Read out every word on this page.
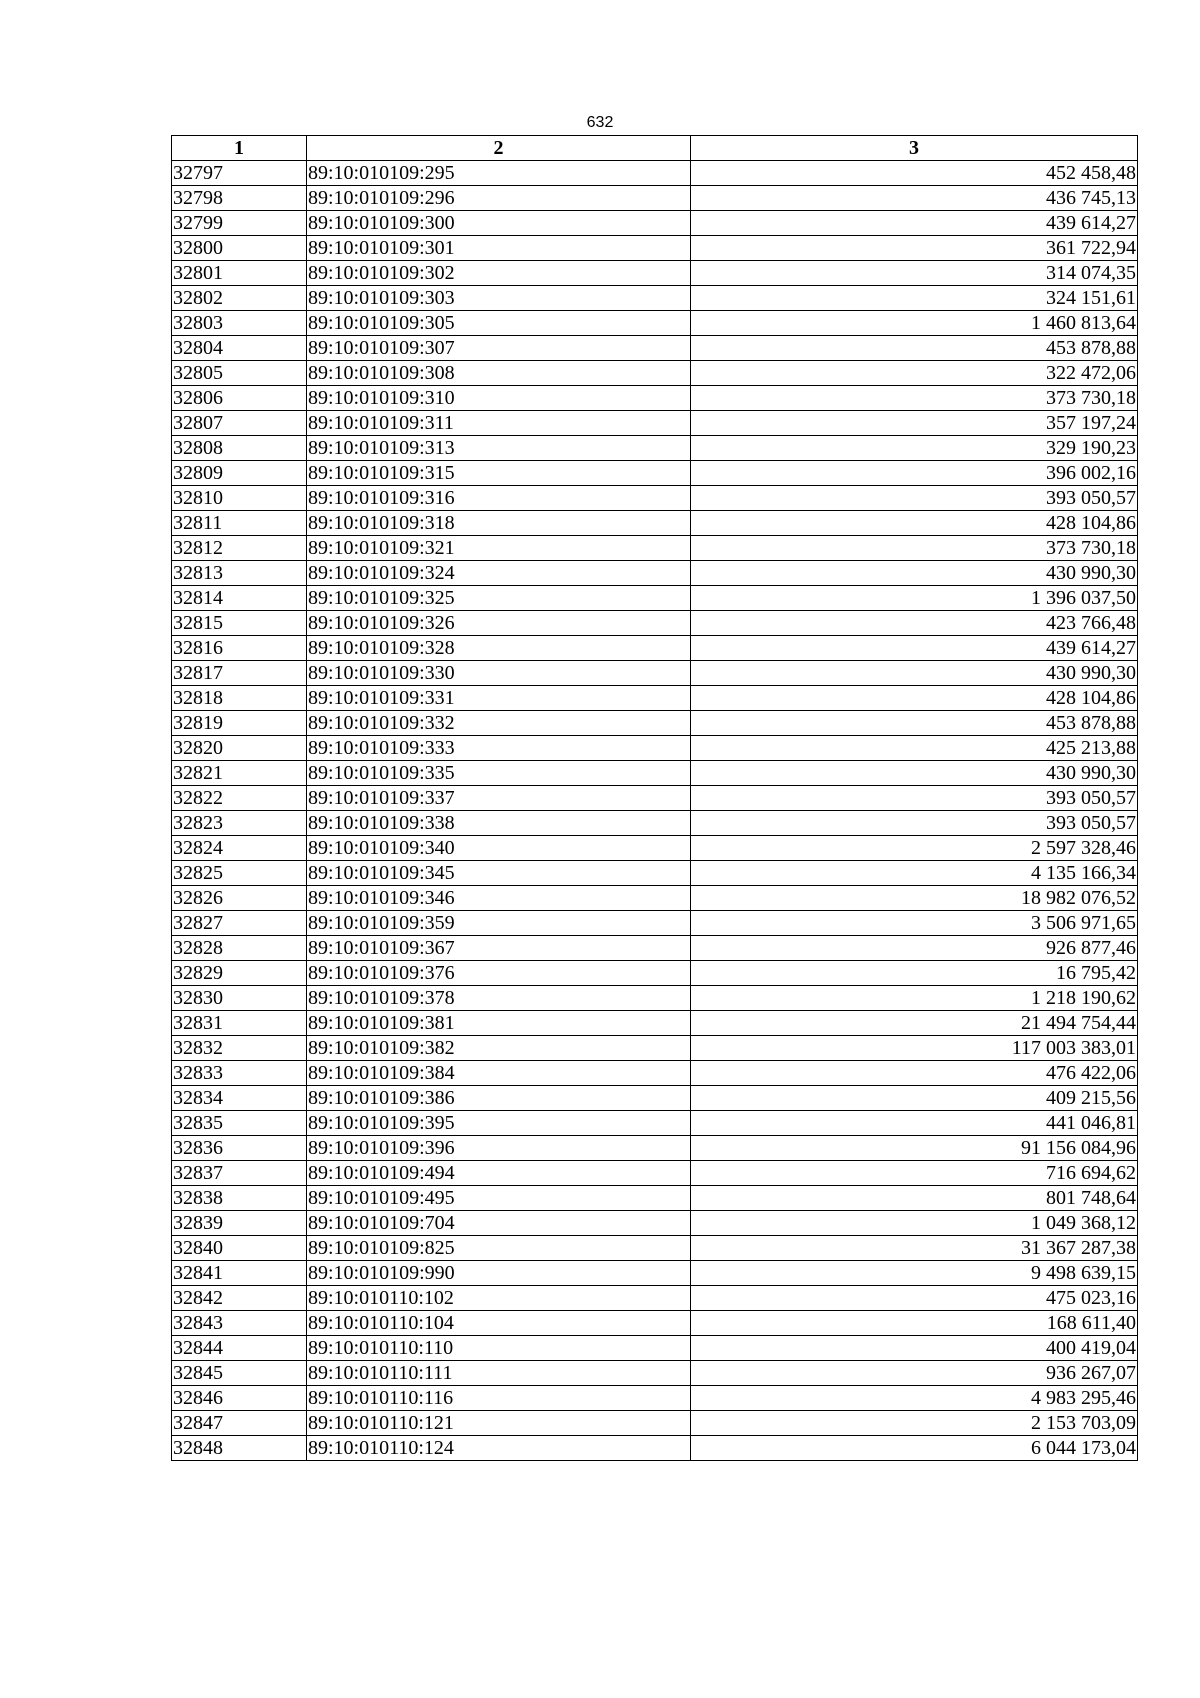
632
1	2	3
32797	89:10:010109:295	452 458,48
32798	89:10:010109:296	436 745,13
32799	89:10:010109:300	439 614,27
32800	89:10:010109:301	361 722,94
32801	89:10:010109:302	314 074,35
32802	89:10:010109:303	324 151,61
32803	89:10:010109:305	1 460 813,64
32804	89:10:010109:307	453 878,88
32805	89:10:010109:308	322 472,06
32806	89:10:010109:310	373 730,18
32807	89:10:010109:311	357 197,24
32808	89:10:010109:313	329 190,23
32809	89:10:010109:315	396 002,16
32810	89:10:010109:316	393 050,57
32811	89:10:010109:318	428 104,86
32812	89:10:010109:321	373 730,18
32813	89:10:010109:324	430 990,30
32814	89:10:010109:325	1 396 037,50
32815	89:10:010109:326	423 766,48
32816	89:10:010109:328	439 614,27
32817	89:10:010109:330	430 990,30
32818	89:10:010109:331	428 104,86
32819	89:10:010109:332	453 878,88
32820	89:10:010109:333	425 213,88
32821	89:10:010109:335	430 990,30
32822	89:10:010109:337	393 050,57
32823	89:10:010109:338	393 050,57
32824	89:10:010109:340	2 597 328,46
32825	89:10:010109:345	4 135 166,34
32826	89:10:010109:346	18 982 076,52
32827	89:10:010109:359	3 506 971,65
32828	89:10:010109:367	926 877,46
32829	89:10:010109:376	16 795,42
32830	89:10:010109:378	1 218 190,62
32831	89:10:010109:381	21 494 754,44
32832	89:10:010109:382	117 003 383,01
32833	89:10:010109:384	476 422,06
32834	89:10:010109:386	409 215,56
32835	89:10:010109:395	441 046,81
32836	89:10:010109:396	91 156 084,96
32837	89:10:010109:494	716 694,62
32838	89:10:010109:495	801 748,64
32839	89:10:010109:704	1 049 368,12
32840	89:10:010109:825	31 367 287,38
32841	89:10:010109:990	9 498 639,15
32842	89:10:010110:102	475 023,16
32843	89:10:010110:104	168 611,40
32844	89:10:010110:110	400 419,04
32845	89:10:010110:111	936 267,07
32846	89:10:010110:116	4 983 295,46
32847	89:10:010110:121	2 153 703,09
32848	89:10:010110:124	6 044 173,04
